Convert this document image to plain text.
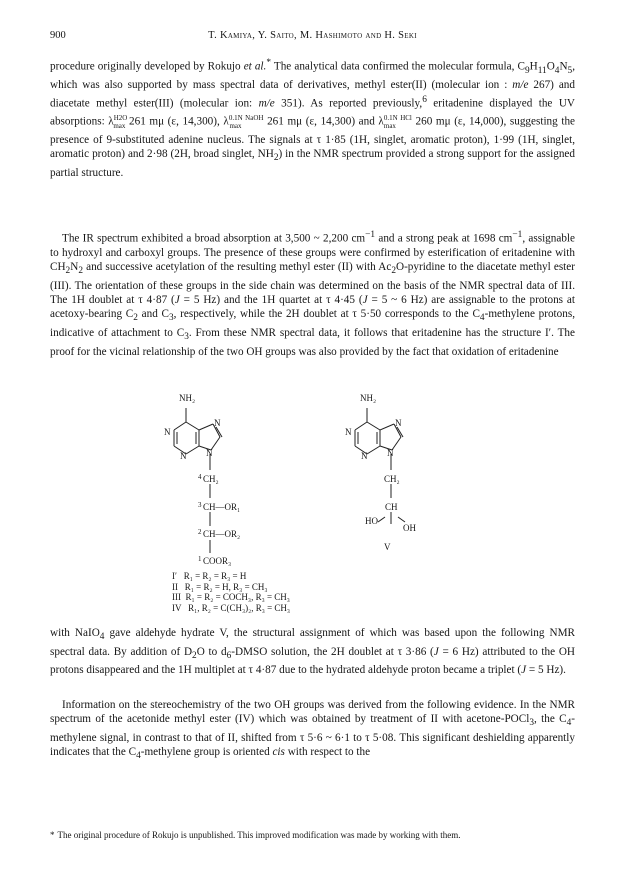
900	T. Kamiya, Y. Saito, M. Hashimoto and H. Seki

procedure originally developed by Rokujo et al.* The analytical data confirmed the molecular formula, $C_9H_{11}O_4N_5$, which was also supported by mass spectral data of derivatives, methyl ester(II) (molecular ion : m/e 267) and diacetate methyl ester(III) (molecular ion: m/e 351). As reported previously,$^6$ eritadenine displayed the UV absorptions: $\lambda^{H2O}_{max}$ 261 mμ (ε, 14,300), $\lambda^{0.1N NaOH}_{max}$ 261 mμ (ε, 14,300) and $\lambda^{0.1N HCl}_{max}$ 260 mμ (ε, 14,000), suggesting the presence of 9-substituted adenine nucleus. The signals at τ 1·85 (1H, singlet, aromatic proton), 1·99 (1H, singlet, aromatic proton) and 2·98 (2H, broad singlet, $NH_2$) in the NMR spectrum provided a strong support for the assigned partial structure.

The IR spectrum exhibited a broad absorption at 3,500 ~ 2,200 $cm^{-1}$ and a strong peak at 1698 $cm^{-1}$, assignable to hydroxyl and carboxyl groups. The presence of these groups were confirmed by esterification of eritadenine with $CH_2N_2$ and successive acetylation of the resulting methyl ester (II) with $Ac_2O$-pyridine to the diacetate methyl ester (III). The orientation of these groups in the side chain was determined on the basis of the NMR spectral data of III. The 1H doublet at τ 4·87 (J = 5 Hz) and the 1H quartet at τ 4·45 (J = 5 ~ 6 Hz) are assignable to the protons at acetoxy-bearing $C_2$ and $C_3$, respectively, while the 2H doublet at τ 5·50 corresponds to the $C_4$-methylene protons, indicative of attachment to $C_3$. From these NMR spectral data, it follows that eritadenine has the structure I′. The proof for the vicinal relationship of the two OH groups was also provided by the fact that oxidation of eritadenine

NH₂
N
N
N N
4 CH₂
3 CH—OR₁
2 CH—OR₂
1 COOR₃
NH₂
N
N
N N
CH₂
CH
HO
OH
V
I′   R₁ = R₂ = R₃ = H
II   R₁ = R₂ = H, R₃ = CH₃
III  R₁ = R₂ = COCH₃, R₃ = CH₃
IV   R₁, R₂ = C(CH₃)₂, R₃ = CH₃

with NaIO$_4$ gave aldehyde hydrate V, the structural assignment of which was based upon the following NMR spectral data. By addition of $D_2O$ to $d_6$-DMSO solution, the 2H doublet at τ 3·86 (J = 6 Hz) attributed to the OH protons disappeared and the 1H multiplet at τ 4·87 due to the hydrated aldehyde proton became a triplet (J = 5 Hz).

Information on the stereochemistry of the two OH groups was derived from the following evidence. In the NMR spectrum of the acetonide methyl ester (IV) which was obtained by treatment of II with acetone-POCl$_3$, the $C_4$-methylene signal, in contrast to that of II, shifted from τ 5·6 ~ 6·1 to τ 5·08. This significant deshielding apparently indicates that the $C_4$-methylene group is oriented cis with respect to the

* The original procedure of Rokujo is unpublished. This improved modification was made by working with them.
